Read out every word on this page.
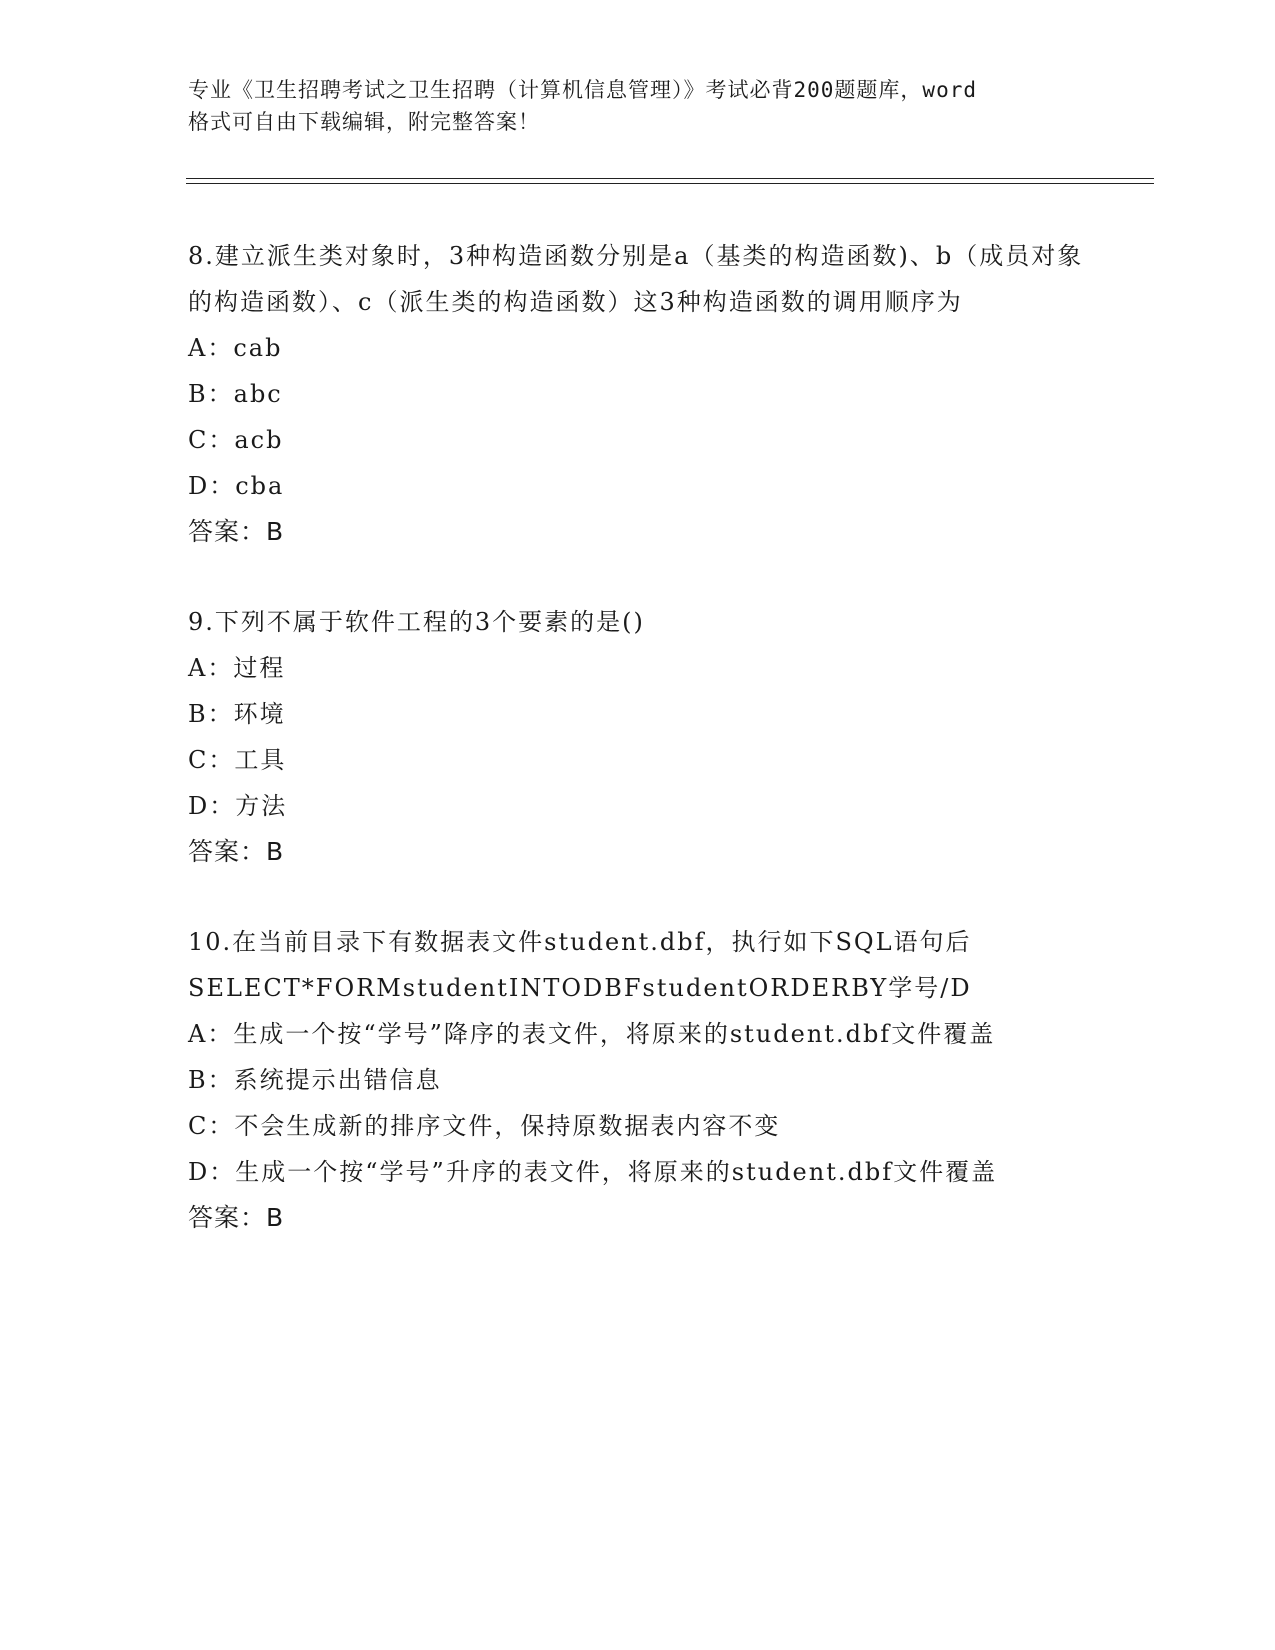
专业《卫生招聘考试之卫生招聘（计算机信息管理）》考试必背200题题库，word
格式可自由下载编辑，附完整答案！
8.建立派生类对象时，3种构造函数分别是a（基类的构造函数)、b（成员对象的构造函数）、c（派生类的构造函数）这3种构造函数的调用顺序为
A：cab
B：abc
C：acb
D：cba
答案：B
9.下列不属于软件工程的3个要素的是()
A：过程
B：环境
C：工具
D：方法
答案：B
10.在当前目录下有数据表文件student.dbf，执行如下SQL语句后SELECT*FORMstudentINTODBFstudentORDERBY学号/D
A：生成一个按“学号”降序的表文件，将原来的student.dbf文件覆盖
B：系统提示出错信息
C：不会生成新的排序文件，保持原数据表内容不变
D：生成一个按“学号”升序的表文件，将原来的student.dbf文件覆盖
答案：B
